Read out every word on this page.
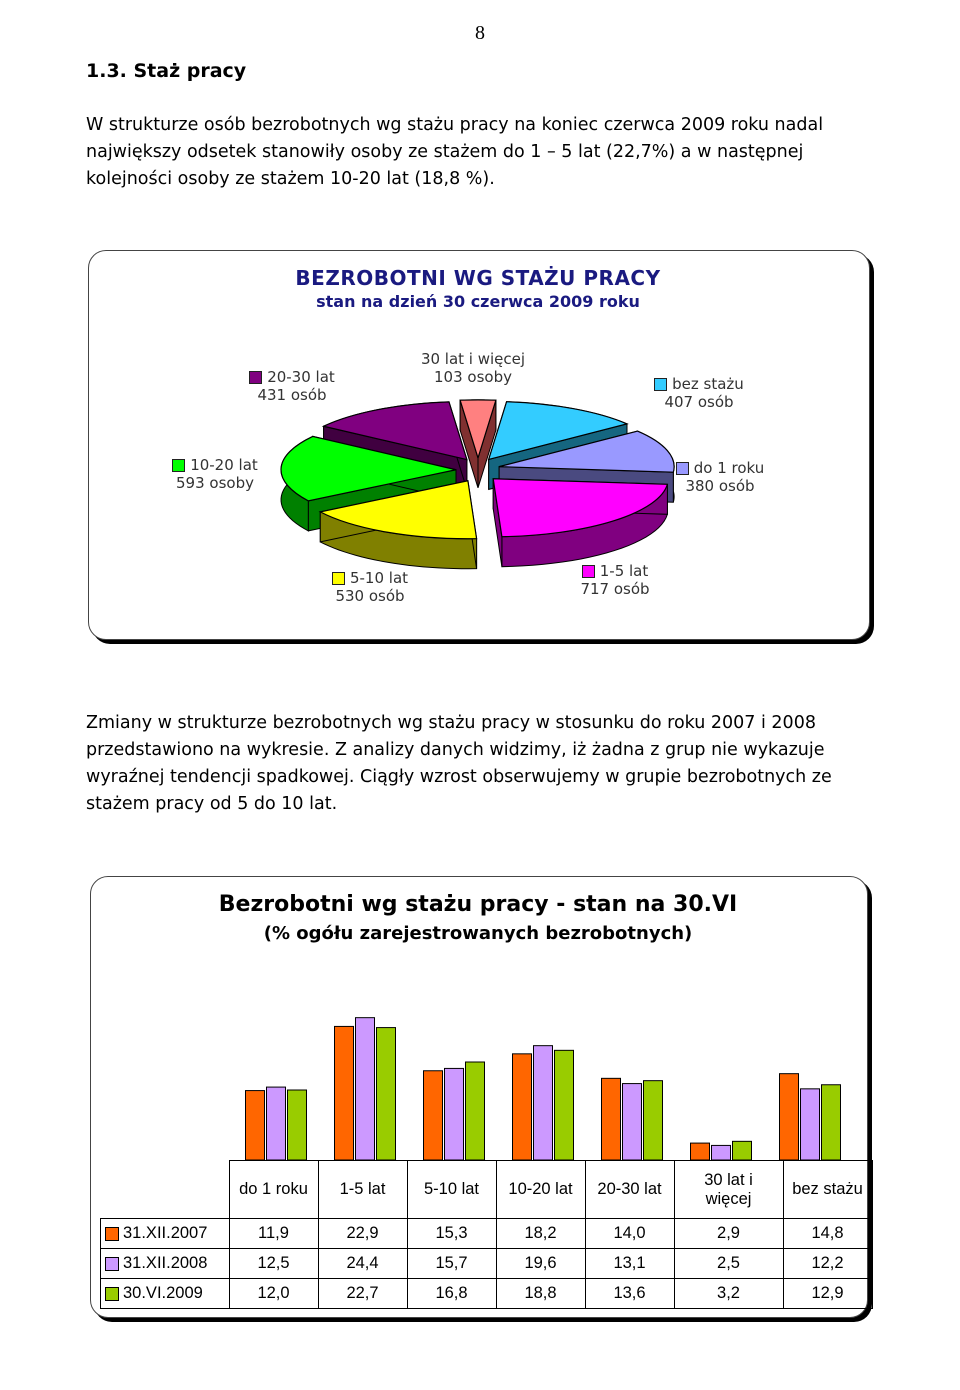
8
1.3. Staż pracy

W strukturze osób bezrobotnych wg stażu pracy na koniec czerwca 2009 roku nadal największy odsetek stanowiły osoby ze stażem do 1 – 5 lat (22,7%) a w następnej kolejności osoby ze stażem 10-20 lat (18,8 %).

BEZROBOTNI WG STAŻU PRACY
stan na dzień 30 czerwca 2009 roku
30 lat i więcej
103 osoby
20-30 lat
431 osób
bez stażu
407 osób
10-20 lat
593 osoby
do 1 roku
380 osób
5-10 lat
530 osób
1-5 lat
717 osób

Zmiany w strukturze bezrobotnych wg stażu pracy w stosunku do roku 2007 i 2008 przedstawiono na wykresie. Z analizy danych widzimy, iż żadna z grup nie wykazuje wyraźnej tendencji spadkowej. Ciągły wzrost obserwujemy w grupie bezrobotnych ze stażem pracy od 5 do 10 lat.

Bezrobotni wg stażu pracy - stan na 30.VI
(% ogółu zarejestrowanych bezrobotnych)
	do 1 roku	1-5 lat	5-10 lat	10-20 lat	20-30 lat	30 lat i więcej	bez stażu
31.XII.2007	11,9	22,9	15,3	18,2	14,0	2,9	14,8
31.XII.2008	12,5	24,4	15,7	19,6	13,1	2,5	12,2
30.VI.2009	12,0	22,7	16,8	18,8	13,6	3,2	12,9
